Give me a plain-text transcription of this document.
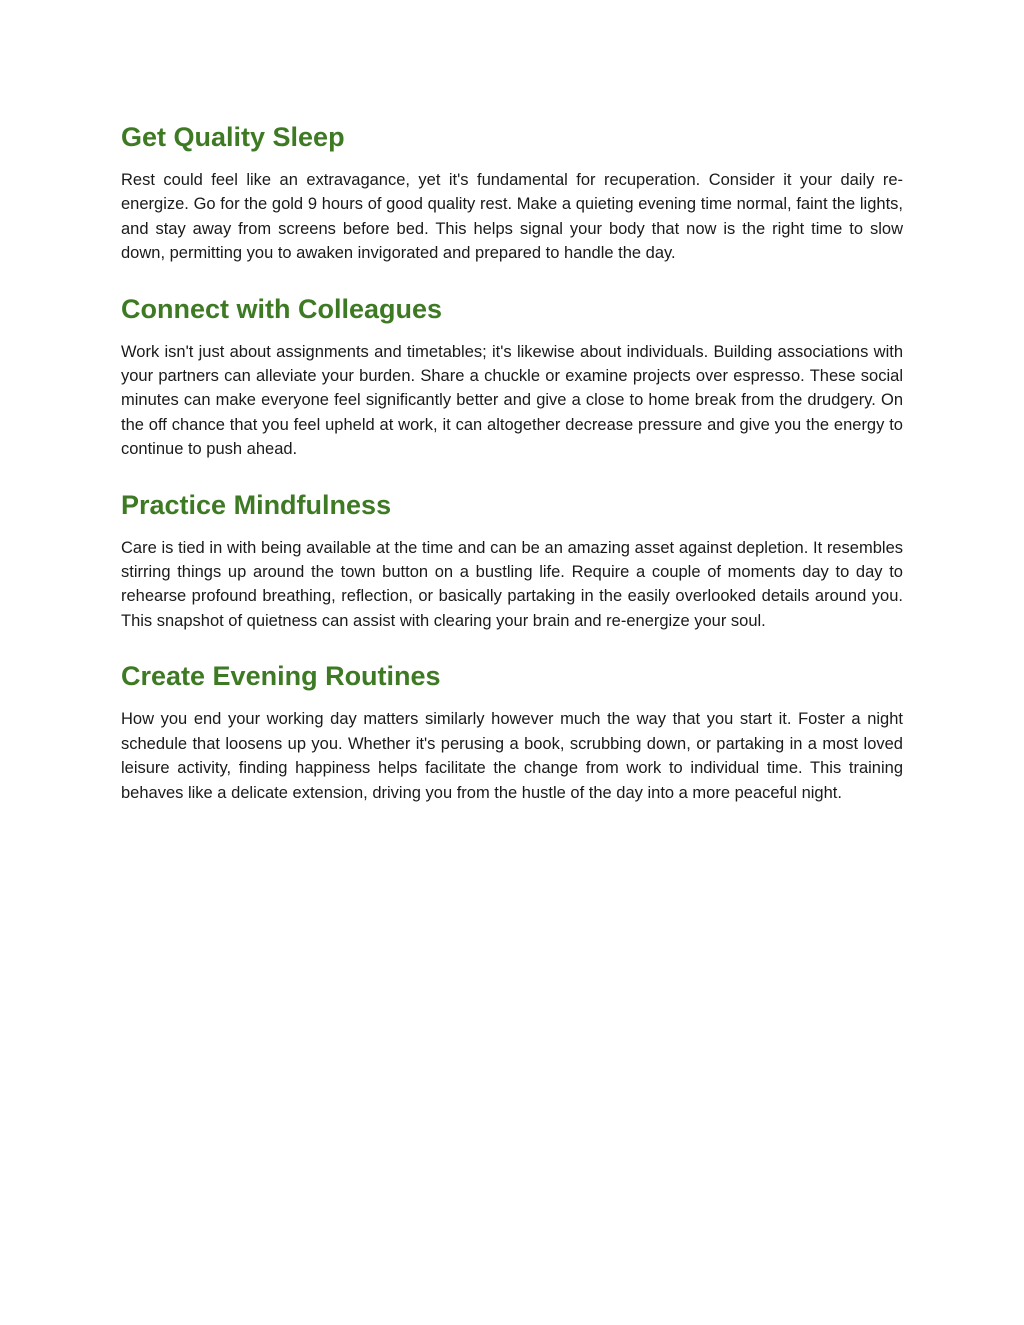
Get Quality Sleep

Rest could feel like an extravagance, yet it's fundamental for recuperation. Consider it your daily re-energize. Go for the gold 9 hours of good quality rest. Make a quieting evening time normal, faint the lights, and stay away from screens before bed. This helps signal your body that now is the right time to slow down, permitting you to awaken invigorated and prepared to handle the day.

Connect with Colleagues

Work isn't just about assignments and timetables; it's likewise about individuals. Building associations with your partners can alleviate your burden. Share a chuckle or examine projects over espresso. These social minutes can make everyone feel significantly better and give a close to home break from the drudgery. On the off chance that you feel upheld at work, it can altogether decrease pressure and give you the energy to continue to push ahead.

Practice Mindfulness

Care is tied in with being available at the time and can be an amazing asset against depletion. It resembles stirring things up around the town button on a bustling life. Require a couple of moments day to day to rehearse profound breathing, reflection, or basically partaking in the easily overlooked details around you. This snapshot of quietness can assist with clearing your brain and re-energize your soul.

Create Evening Routines

How you end your working day matters similarly however much the way that you start it. Foster a night schedule that loosens up you. Whether it's perusing a book, scrubbing down, or partaking in a most loved leisure activity, finding happiness helps facilitate the change from work to individual time. This training behaves like a delicate extension, driving you from the hustle of the day into a more peaceful night.
